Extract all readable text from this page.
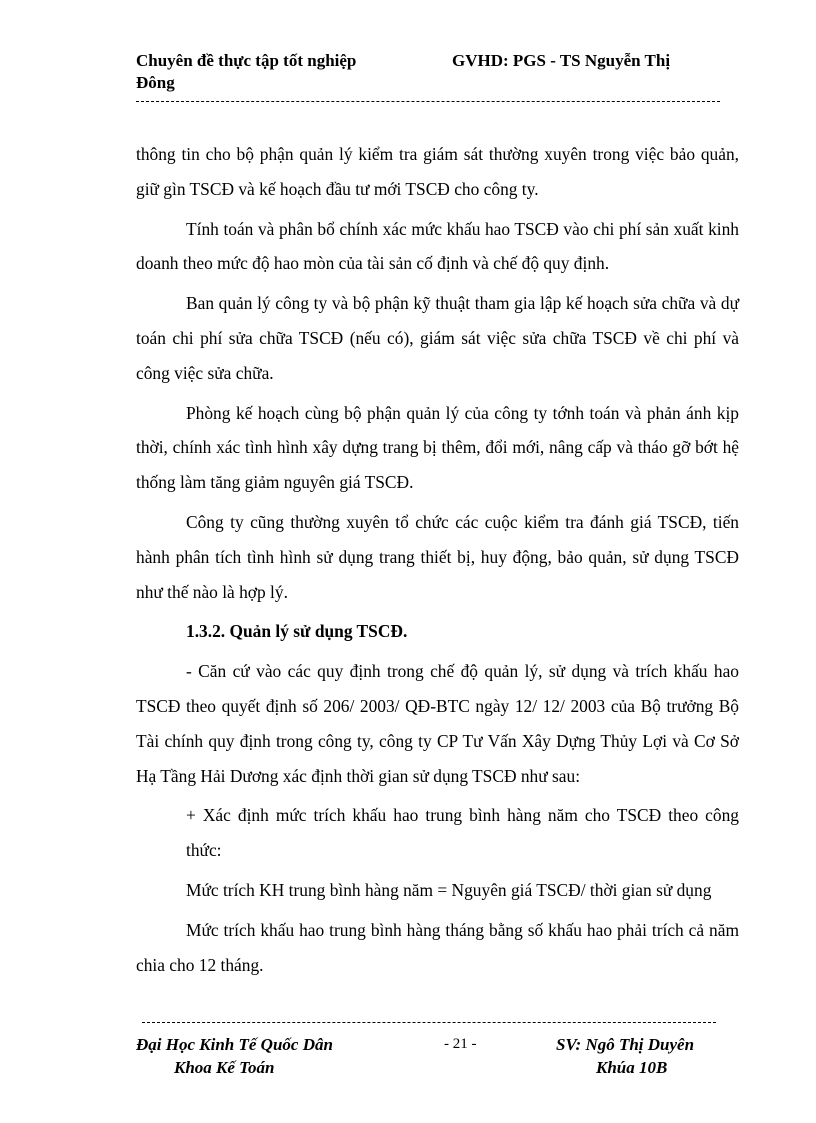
Chuyên đề thực tập tốt nghiệp
Đông
GVHD: PGS - TS Nguyễn Thị

thông tin cho bộ phận quản lý kiểm tra giám sát thường xuyên trong việc bảo quản, giữ gìn TSCĐ và kế hoạch đầu tư mới TSCĐ cho công ty.

Tính toán và phân bổ chính xác mức khấu hao TSCĐ vào chi phí sản xuất kinh doanh theo mức độ hao mòn của tài sản cố định và chế độ quy định.

Ban quản lý công ty và bộ phận kỹ thuật tham gia lập kế hoạch sửa chữa và dự toán chi phí sửa chữa TSCĐ (nếu có), giám sát việc sửa chữa TSCĐ về chi phí và công việc sửa chữa.

Phòng kế hoạch cùng bộ phận quản lý của công ty tớnh toán và phản ánh kịp thời, chính xác tình hình xây dựng trang bị thêm, đổi mới, nâng cấp và tháo gỡ bớt hệ thống làm tăng giảm nguyên giá TSCĐ.

Công ty cũng thường xuyên tổ chức các cuộc kiểm tra đánh giá TSCĐ, tiến hành phân tích tình hình sử dụng trang thiết bị, huy động, bảo quản, sử dụng TSCĐ như thế nào là hợp lý.

1.3.2. Quản lý sử dụng TSCĐ.

- Căn cứ vào các quy định trong chế độ quản lý, sử dụng và trích khấu hao TSCĐ theo quyết định số 206/ 2003/ QĐ-BTC ngày 12/ 12/ 2003 của Bộ trưởng Bộ Tài chính quy định trong công ty, công ty CP Tư Vấn Xây Dựng Thủy Lợi và Cơ Sở Hạ Tầng Hải Dương xác định thời gian sử dụng TSCĐ như sau:

+ Xác định mức trích khấu hao trung bình hàng năm cho TSCĐ theo công thức:

Mức trích KH trung bình hàng năm = Nguyên giá TSCĐ/ thời gian sử dụng

Mức trích khấu hao trung bình hàng tháng bằng số khấu hao phải trích cả năm chia cho 12 tháng.

Đại Học Kinh Tế Quốc Dân
Khoa Kế Toán
- 21 -	SV: Ngô Thị Duyên
Khúa 10B
